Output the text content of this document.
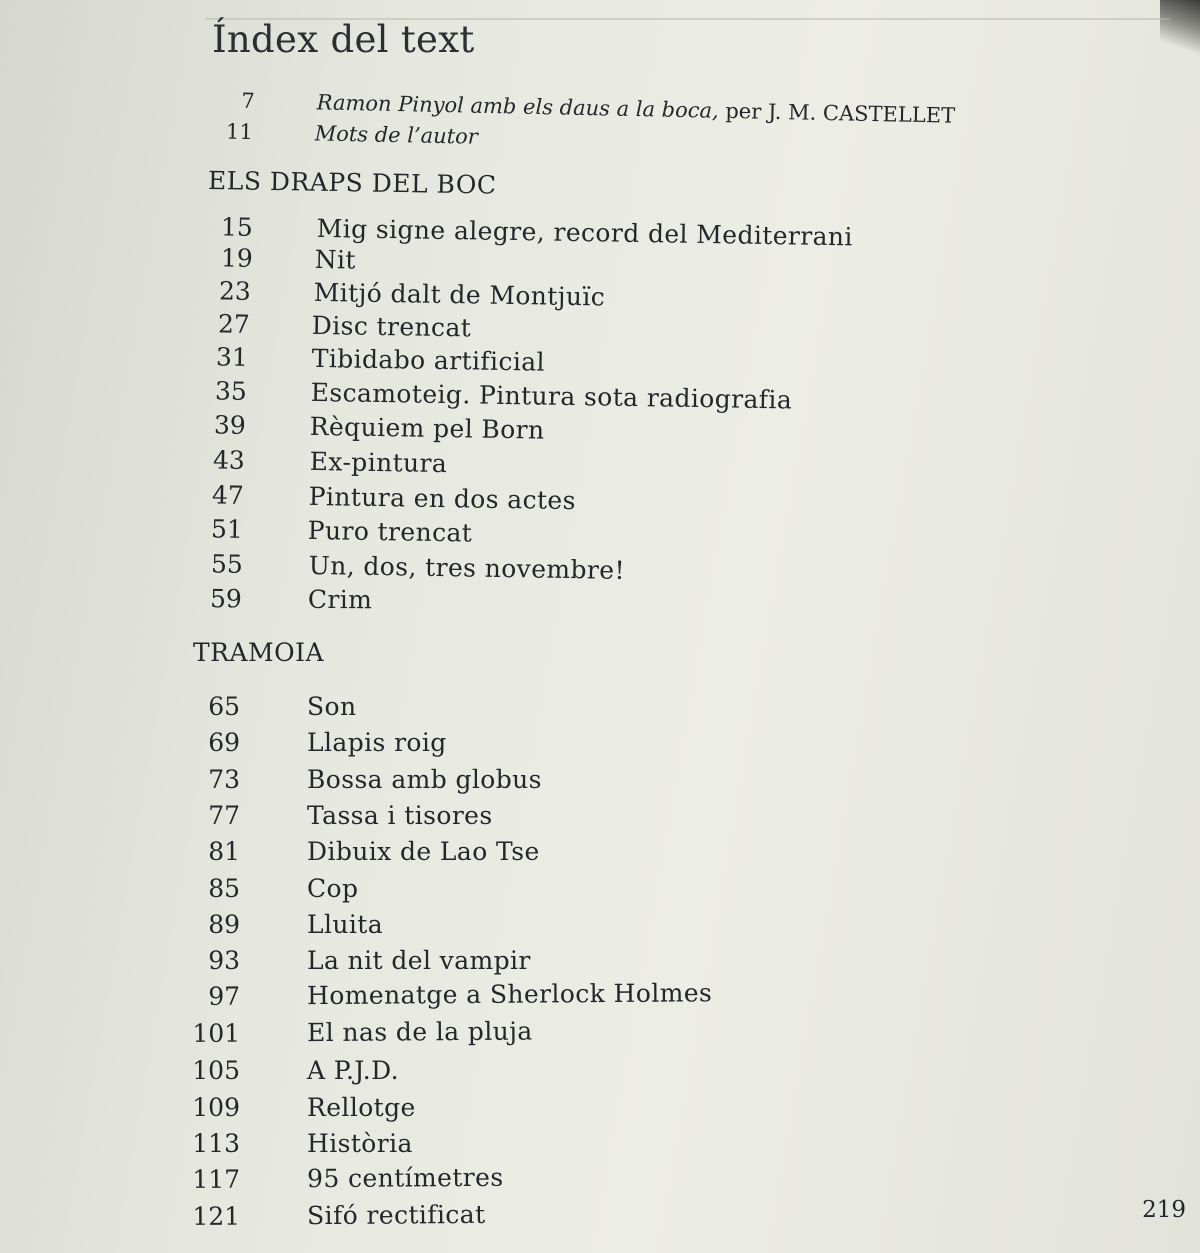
Índex del text
7	Ramon Pinyol amb els daus a la boca, per J. M. CASTELLET
11	Mots de l’autor
ELS DRAPS DEL BOC
15	Mig signe alegre, record del Mediterrani
19 Nit
23	Mitjó dalt de Montjuïc
27 Disc trencat
31	Tibidabo artificial
35	Escamoteig. Pintura sota radiografia
39	Rèquiem pel Born
43	Ex-pintura
47	Pintura en dos actes
51	Puro trencat
55	Un, dos, tres novembre!
59	Crim
TRAMOIA
65	Son
69	Llapis roig
73	Bossa amb globus
77	Tassa i tisores
81	Dibuix de Lao Tse
85	Cop
89	Lluita
93	La nit del vampir
97	Homenatge a Sherlock Holmes
101	El nas de la pluja
105	A P.J.D.
109	Rellotge
113	Història
117	95 centímetres
121	Sifó rectificat	219
